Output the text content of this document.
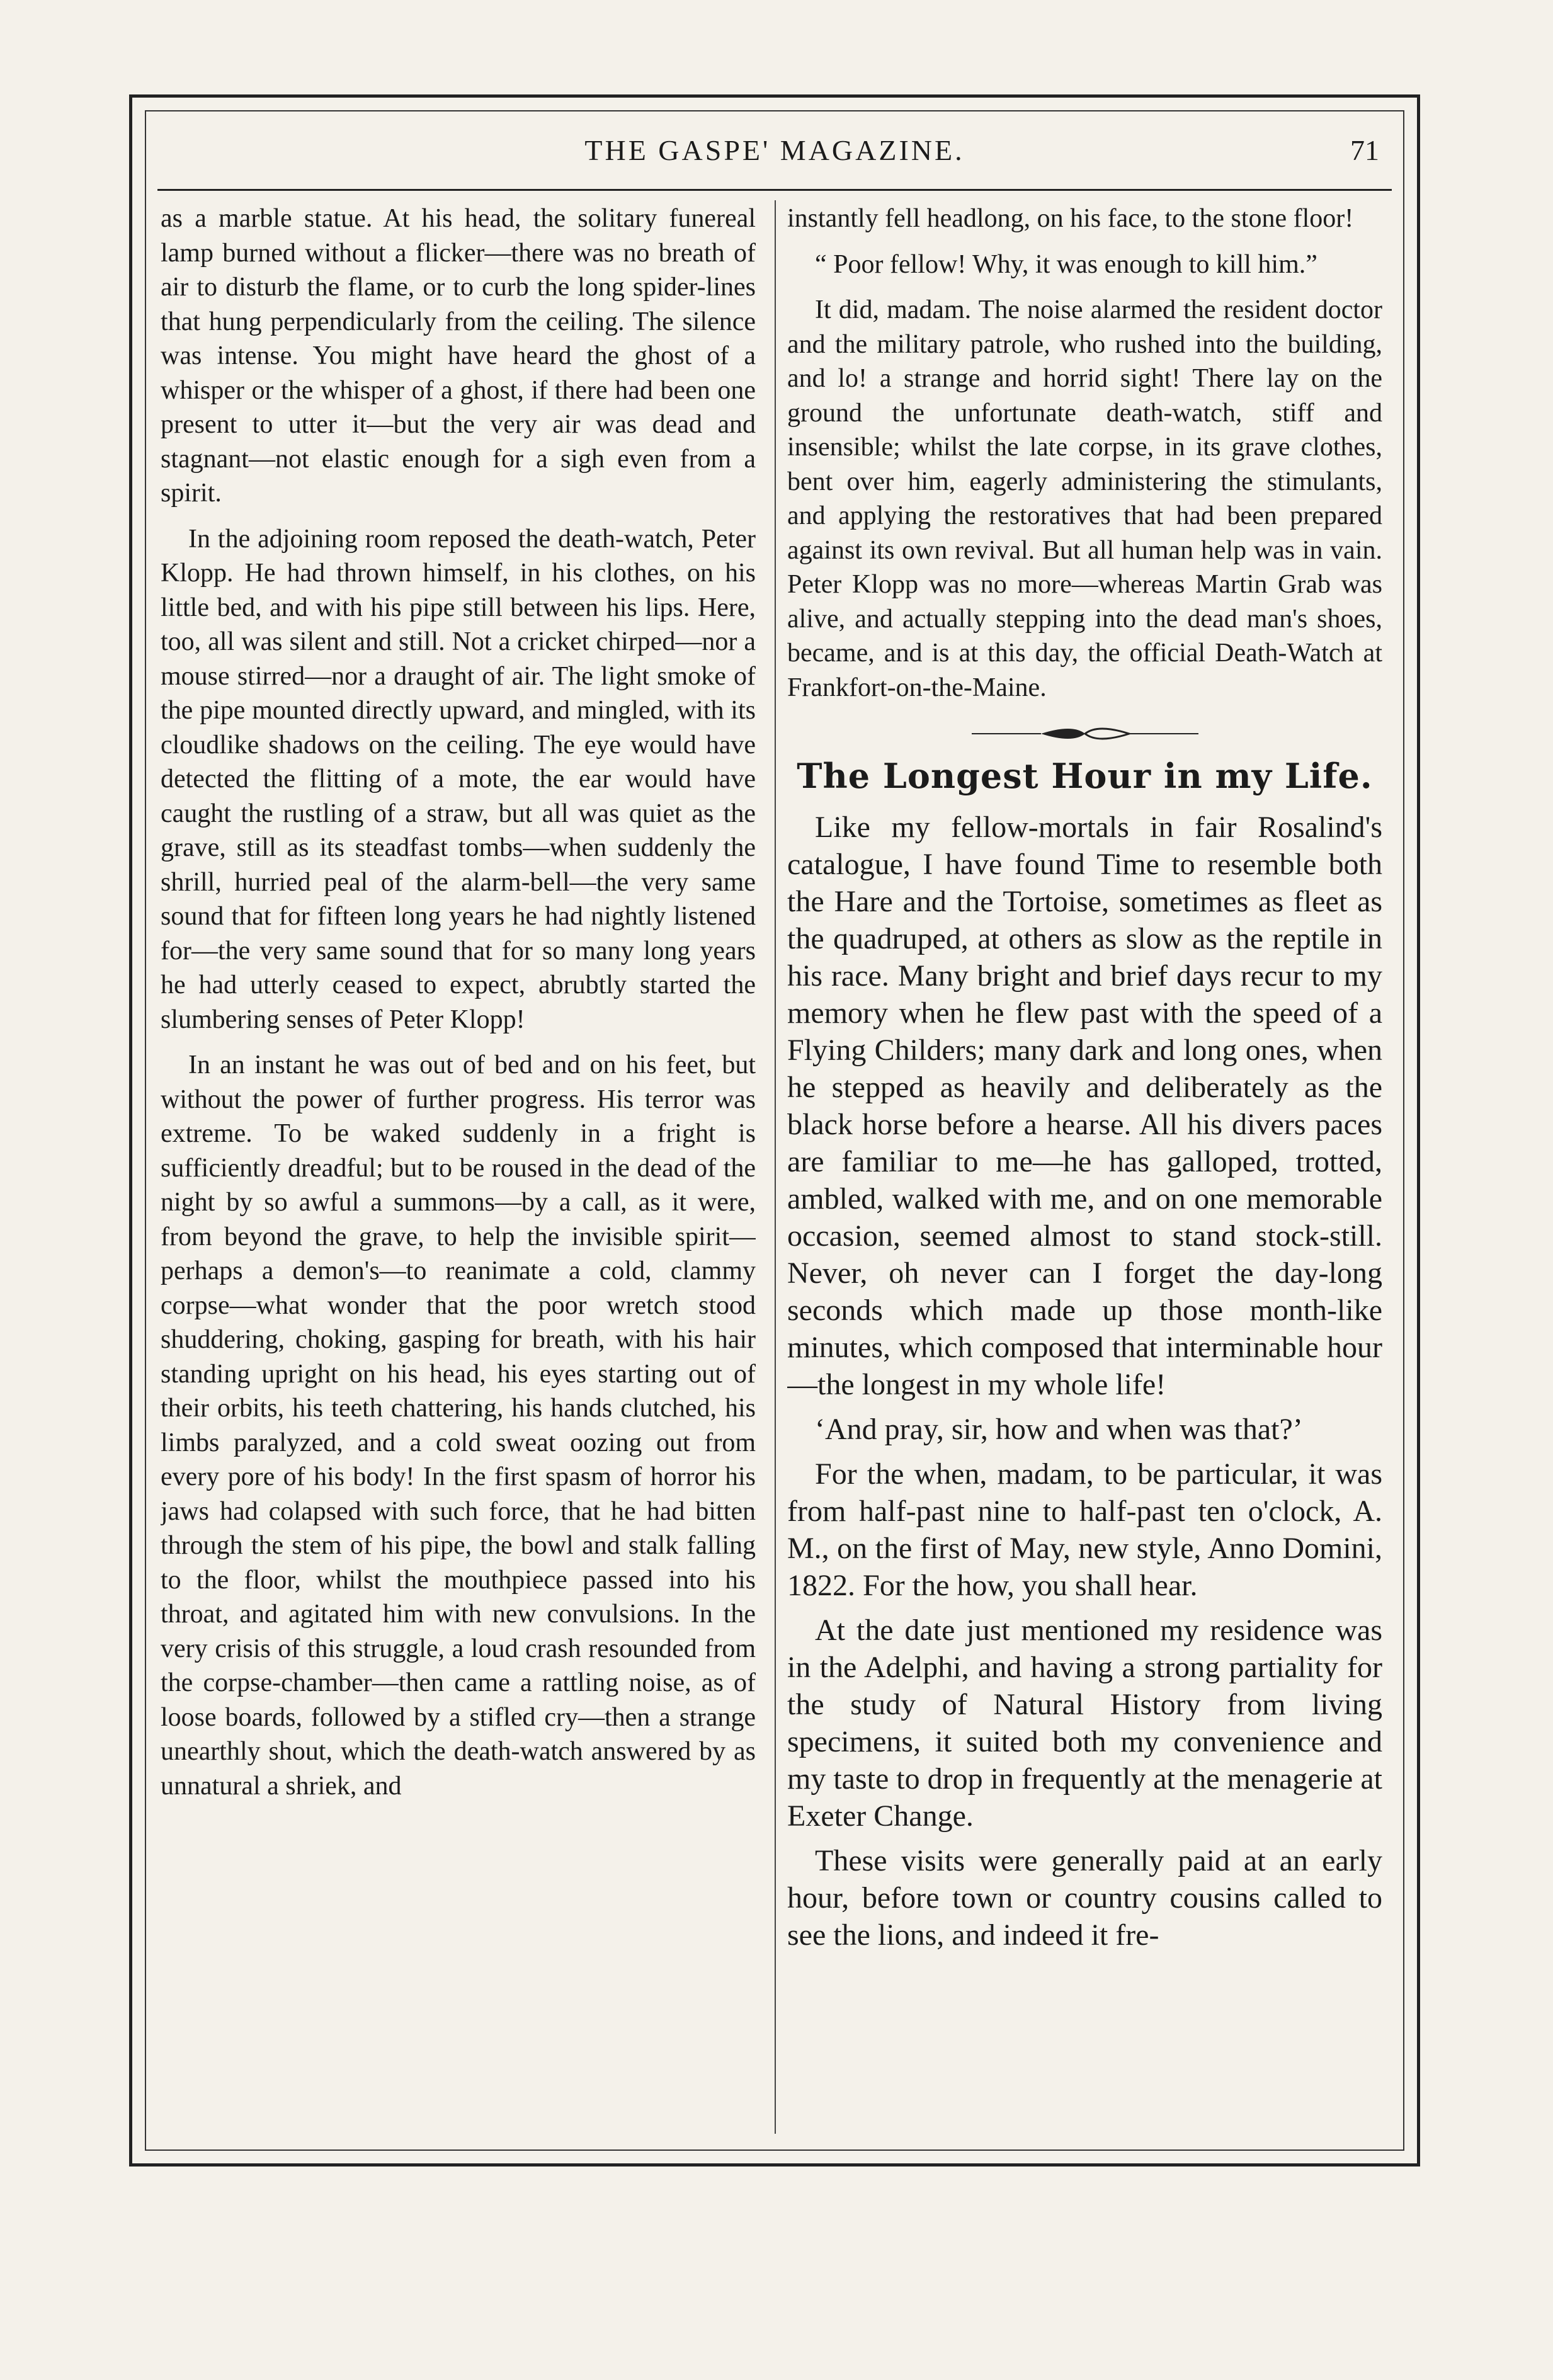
THE GASPE' MAGAZINE.	71

as a marble statue. At his head, the solitary funereal lamp burned without a flicker—there was no breath of air to disturb the flame, or to curb the long spider-lines that hung perpendicularly from the ceiling. The silence was intense. You might have heard the ghost of a whisper or the whisper of a ghost, if there had been one present to utter it—but the very air was dead and stagnant—not elastic enough for a sigh even from a spirit.

In the adjoining room reposed the death-watch, Peter Klopp. He had thrown himself, in his clothes, on his little bed, and with his pipe still between his lips. Here, too, all was silent and still. Not a cricket chirped—nor a mouse stirred—nor a draught of air. The light smoke of the pipe mounted directly upward, and mingled, with its cloudlike shadows on the ceiling. The eye would have detected the flitting of a mote, the ear would have caught the rustling of a straw, but all was quiet as the grave, still as its steadfast tombs—when suddenly the shrill, hurried peal of the alarm-bell—the very same sound that for fifteen long years he had nightly listened for—the very same sound that for so many long years he had utterly ceased to expect, abrubtly started the slumbering senses of Peter Klopp!

In an instant he was out of bed and on his feet, but without the power of further progress. His terror was extreme. To be waked suddenly in a fright is sufficiently dreadful; but to be roused in the dead of the night by so awful a summons—by a call, as it were, from beyond the grave, to help the invisible spirit—perhaps a demon's—to reanimate a cold, clammy corpse—what wonder that the poor wretch stood shuddering, choking, gasping for breath, with his hair standing upright on his head, his eyes starting out of their orbits, his teeth chattering, his hands clutched, his limbs paralyzed, and a cold sweat oozing out from every pore of his body! In the first spasm of horror his jaws had colapsed with such force, that he had bitten through the stem of his pipe, the bowl and stalk falling to the floor, whilst the mouthpiece passed into his throat, and agitated him with new convulsions. In the very crisis of this struggle, a loud crash resounded from the corpse-chamber—then came a rattling noise, as of loose boards, followed by a stifled cry—then a strange unearthly shout, which the death-watch answered by as unnatural a shriek, and

instantly fell headlong, on his face, to the stone floor!

“ Poor fellow! Why, it was enough to kill him.”

It did, madam. The noise alarmed the resident doctor and the military patrole, who rushed into the building, and lo! a strange and horrid sight! There lay on the ground the unfortunate death-watch, stiff and insensible; whilst the late corpse, in its grave clothes, bent over him, eagerly administering the stimulants, and applying the restoratives that had been prepared against its own revival. But all human help was in vain. Peter Klopp was no more—whereas Martin Grab was alive, and actually stepping into the dead man's shoes, became, and is at this day, the official Death-Watch at Frankfort-on-the-Maine.

The Longest Hour in my Life.

Like my fellow-mortals in fair Rosalind's catalogue, I have found Time to resemble both the Hare and the Tortoise, sometimes as fleet as the quadruped, at others as slow as the reptile in his race. Many bright and brief days recur to my memory when he flew past with the speed of a Flying Childers; many dark and long ones, when he stepped as heavily and deliberately as the black horse before a hearse. All his divers paces are familiar to me—he has galloped, trotted, ambled, walked with me, and on one memorable occasion, seemed almost to stand stock-still. Never, oh never can I forget the day-long seconds which made up those month-like minutes, which composed that interminable hour—the longest in my whole life!

‘And pray, sir, how and when was that?’

For the when, madam, to be particular, it was from half-past nine to half-past ten o'clock, A. M., on the first of May, new style, Anno Domini, 1822. For the how, you shall hear.

At the date just mentioned my residence was in the Adelphi, and having a strong partiality for the study of Natural History from living specimens, it suited both my convenience and my taste to drop in frequently at the menagerie at Exeter Change.

These visits were generally paid at an early hour, before town or country cousins called to see the lions, and indeed it fre-
